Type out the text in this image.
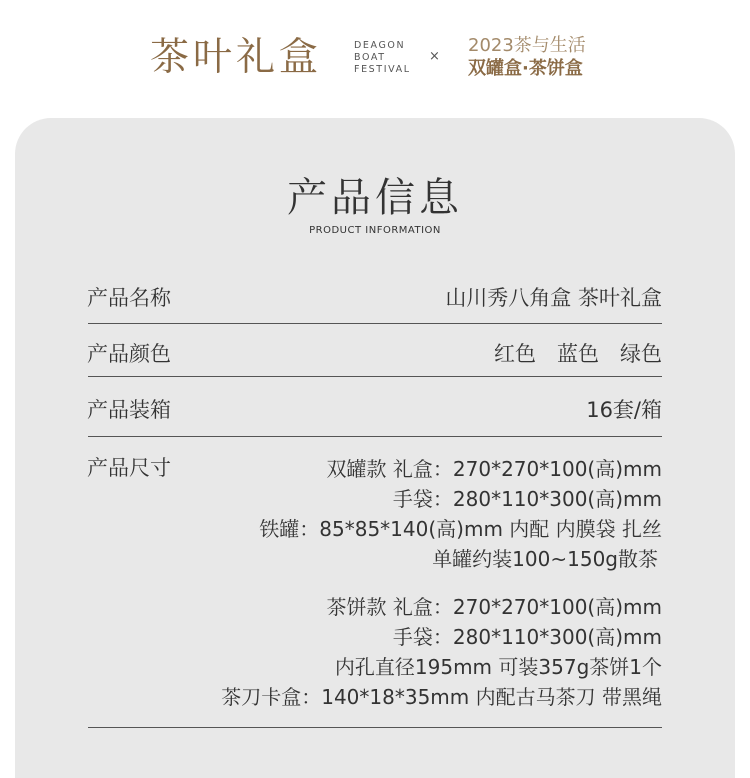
茶叶礼盒	DEAGON
BOAT
FESTIVAL
×
2023茶与生活
双罐盒·茶饼盒
产品信息
PRODUCT INFORMATION
产品名称	山川秀八角盒 茶叶礼盒
产品颜色	红色　蓝色　绿色
产品装箱	16套/箱
产品尺寸	双罐款 礼盒：270*270*100(高)mm
手袋：280*110*300(高)mm
铁罐：85*85*140(高)mm 内配 内膜袋 扎丝
单罐约装100~150g散茶
茶饼款 礼盒：270*270*100(高)mm
手袋：280*110*300(高)mm
内孔直径195mm 可装357g茶饼1个
茶刀卡盒：140*18*35mm 内配古马茶刀 带黑绳
